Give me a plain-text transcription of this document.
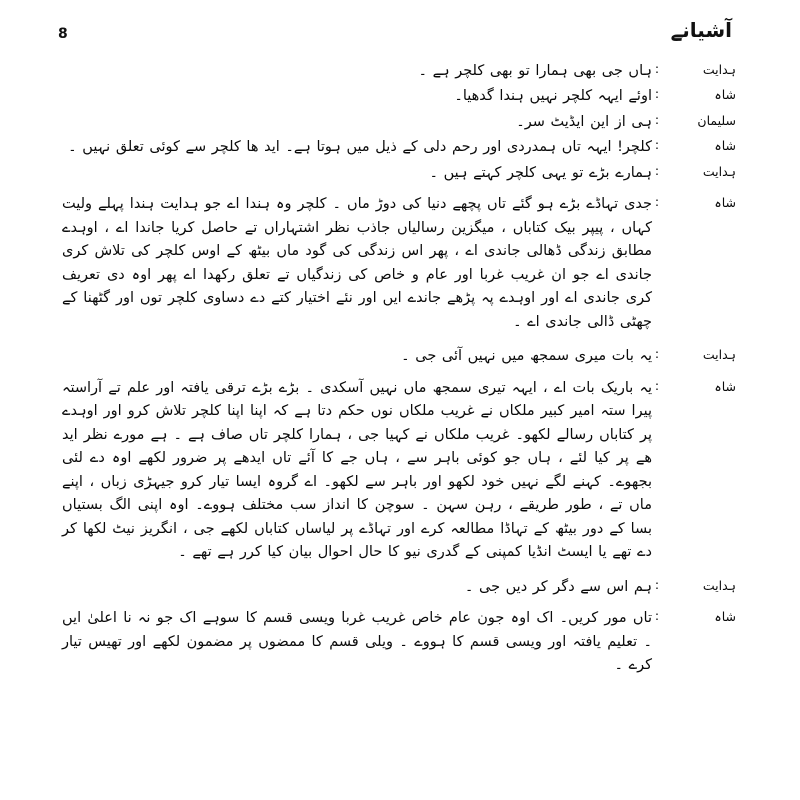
آشیانے
8
ہدایت
:
ہاں جی بھی ہمارا تو بھی کلچر ہے ۔
شاہ
:
اوئے ایہہ کلچر نہیں ہندا گدھیا۔
سلیمان
:
ہی از این ایڈیٹ سر۔
شاہ
:
کلچر! ایہہ تاں ہمدردی اور رحم دلی کے ذیل میں ہوتا ہے۔ اید ھا کلچر سے کوئی تعلق نہیں ۔
ہدایت
:
ہمارے بڑے تو یہی کلچر کہتے ہیں ۔
شاہ
:
جدی تہاڈے بڑے ہو گئے تاں پچھے دنیا کی دوڑ ماں ۔ کلچر وہ ہندا اے جو ہدایت ہندا پہلے ولیت کہاں ، پیپر بیک کتاباں ، میگزین رسالیاں جاذب نظر اشتہاراں تے حاصل کریا جاندا اے ، اوہدے مطابق زندگی ڈھالی جاندی اے ، پھر اس زندگی کی گود ماں بیٹھ کے اوس کلچر کی تلاش کری جاندی اے جو ان غریب غربا اور عام و خاص کی زندگیاں تے تعلق رکھدا اے پھر اوہ دی تعریف کری جاندی اے اور اوہدے پہ پڑھے جاندے ایں اور نئے اختیار کتے دے دساوی کلچر توں اور گٹھنا کے چھٹی ڈالی جاندی اے ۔
ہدایت
:
یہ بات میری سمجھ میں نہیں آئی جی ۔
شاہ
:
یہ باریک بات اے ، ایہہ تیری سمجھ ماں نہیں آسکدی ۔ بڑے بڑے ترقی یافتہ اور علم تے آراستہ پیرا ستہ امیر کبیر ملکاں نے غریب ملکاں نوں حکم دتا ہے کہ اپنا اپنا کلچر تلاش کرو اور اوہدے پر کتاباں رسالے لکھو۔ غریب ملکاں نے کہیا جی ، ہمارا کلچر تاں صاف ہے ۔ ہے مورے نظر اید ھے پر کیا لئے ، ہاں جو کوئی باہر سے ، ہاں جے کا آئے تاں ایدھے پر ضرور لکھے اوہ دے لئی بجھوے۔ کہنے لگے نہیں خود لکھو اور باہر سے لکھو۔ اے گروہ ایسا تیار کرو جیہڑی زباں ، اپنے ماں تے ، طور طریقے ، رہن سہن ۔ سوچن کا انداز سب مختلف ہووے۔ اوہ اپنی الگ بستیاں بسا کے دور بیٹھ کے تہاڈا مطالعہ کرے اور تہاڈے پر لیاساں کتاباں لکھے جی ، انگریز نیٹ لکھا کر دے تھے یا ایسٹ انڈیا کمپنی کے گدری نیو کا حال احوال بیان کیا کرر ہے تھے ۔
ہدایت
:
ہم اس سے دگر کر دیں جی ۔
شاہ
:
تاں مور کریں۔ اک اوہ جون عام خاص غریب غربا ویسی قسم کا سوہے اک جو نہ نا اعلیٰ ایں ۔ تعلیم یافتہ اور ویسی قسم کا ہووے ۔ ویلی قسم کا ممضوں پر مضمون لکھے اور تھیس تیار کرے ۔
